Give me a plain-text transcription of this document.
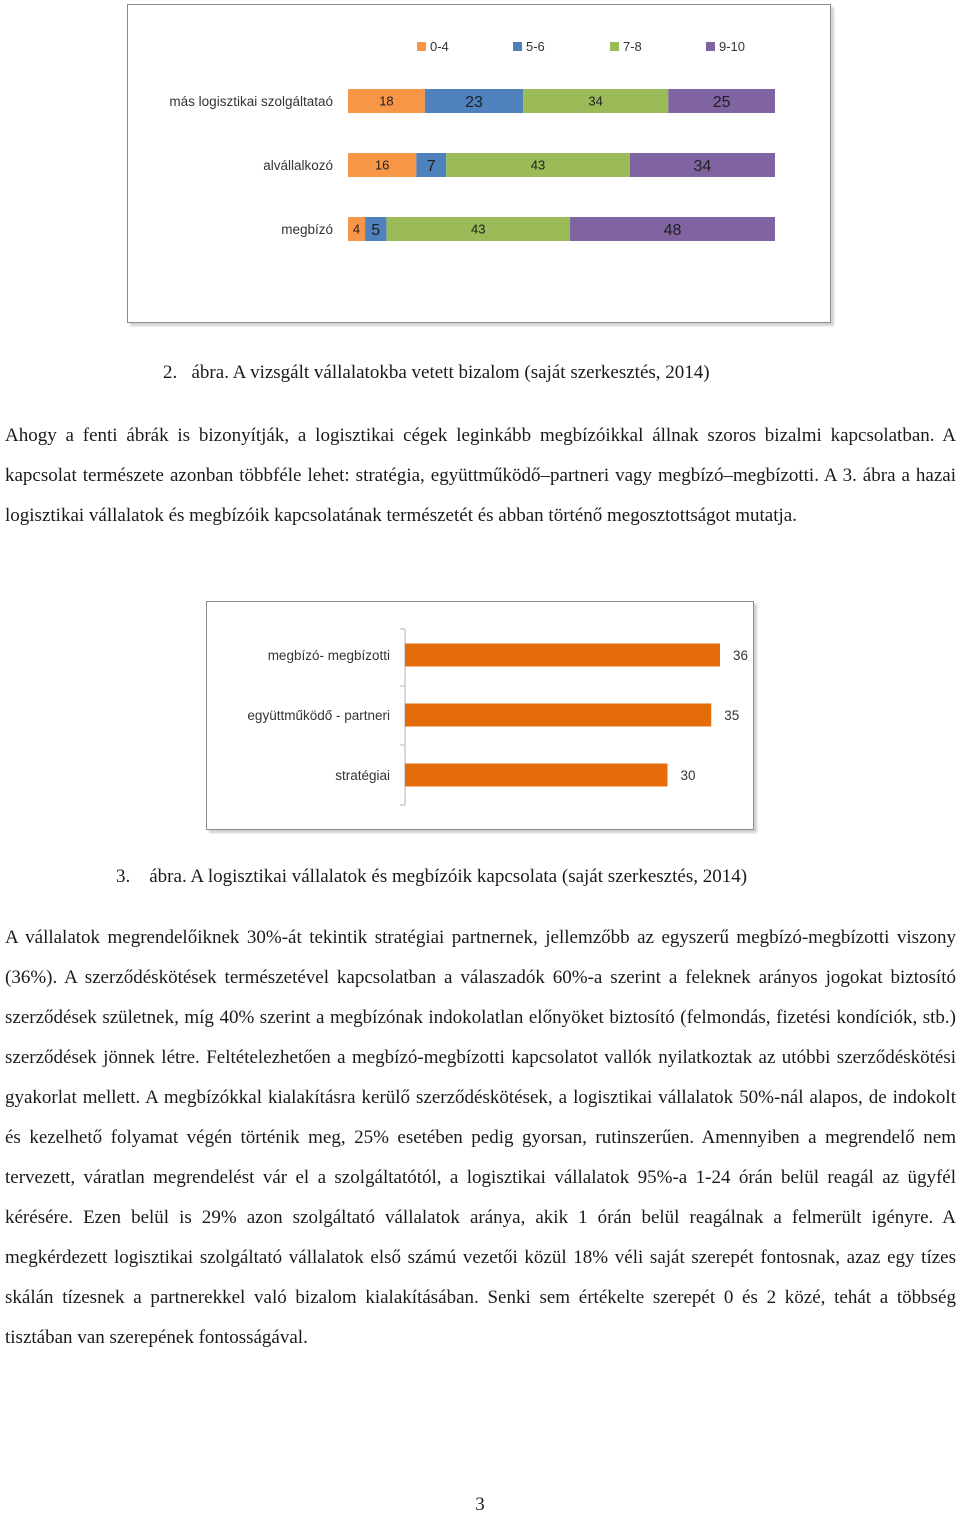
0-4	5-6	7-8	9-10
más logisztikai szolgáltataó	18	23	34	25
alvállalkozó	16 7	43	34
megbízó 4 5	43	48

2. ábra. A vizsgált vállalatokba vetett bizalom (saját szerkesztés, 2014)

Ahogy a fenti ábrák is bizonyítják, a logisztikai cégek leginkább megbízóikkal állnak szoros bizalmi kapcsolatban. A kapcsolat természete azonban többféle lehet: stratégia, együttműködő–partneri vagy megbízó–megbízotti. A 3. ábra a hazai logisztikai vállalatok és megbízóik kapcsolatának természetét és abban történő megosztottságot mutatja.

megbízó- megbízotti	36
együttműködő - partneri	35
stratégiai	30

3. ábra. A logisztikai vállalatok és megbízóik kapcsolata (saját szerkesztés, 2014)

A vállalatok megrendelőiknek 30%-át tekintik stratégiai partnernek, jellemzőbb az egyszerű megbízó-megbízotti viszony (36%). A szerződéskötések természetével kapcsolatban a válaszadók 60%-a szerint a feleknek arányos jogokat biztosító szerződések születnek, míg 40% szerint a megbízónak indokolatlan előnyöket biztosító (felmondás, fizetési kondíciók, stb.) szerződések jönnek létre. Feltételezhetően a megbízó-megbízotti kapcsolatot vallók nyilatkoztak az utóbbi szerződéskötési gyakorlat mellett. A megbízókkal kialakításra kerülő szerződéskötések, a logisztikai vállalatok 50%-nál alapos, de indokolt és kezelhető folyamat végén történik meg, 25% esetében pedig gyorsan, rutinszerűen. Amennyiben a megrendelő nem tervezett, váratlan megrendelést vár el a szolgáltatótól, a logisztikai vállalatok 95%-a 1-24 órán belül reagál az ügyfél kérésére. Ezen belül is 29% azon szolgáltató vállalatok aránya, akik 1 órán belül reagálnak a felmerült igényre. A megkérdezett logisztikai szolgáltató vállalatok első számú vezetői közül 18% véli saját szerepét fontosnak, azaz egy tízes skálán tízesnek a partnerekkel való bizalom kialakításában. Senki sem értékelte szerepét 0 és 2 közé, tehát a többség tisztában van szerepének fontosságával.

3
